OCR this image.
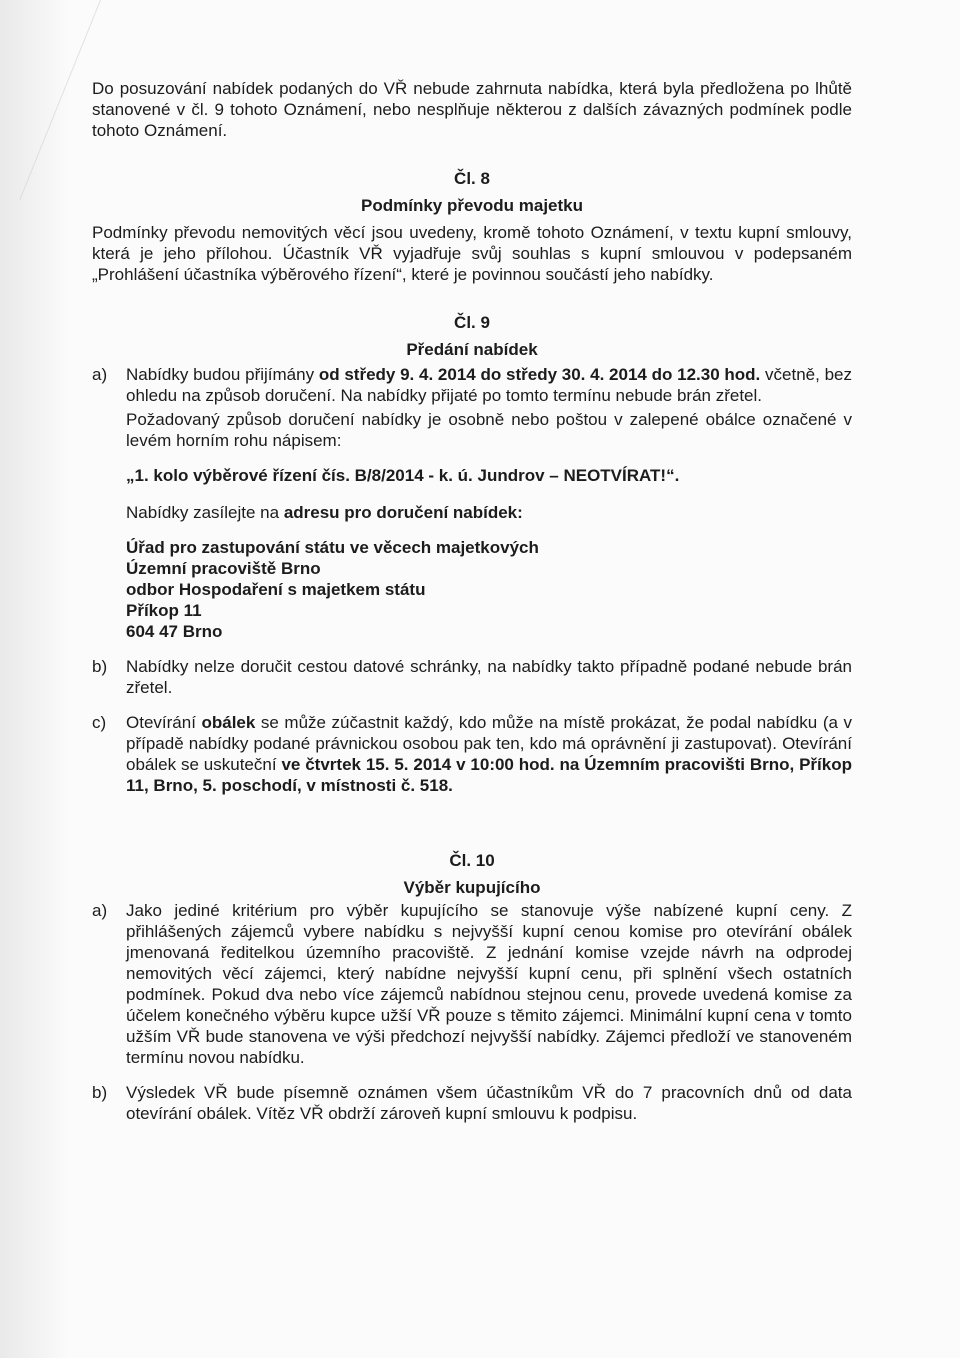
Do posuzování nabídek podaných do VŘ nebude zahrnuta nabídka, která byla předložena po lhůtě stanovené v čl. 9 tohoto Oznámení, nebo nesplňuje některou z dalších závazných podmínek podle tohoto Oznámení.

Čl. 8

Podmínky převodu majetku

Podmínky převodu nemovitých věcí jsou uvedeny, kromě tohoto Oznámení, v textu kupní smlouvy, která je jeho přílohou. Účastník VŘ vyjadřuje svůj souhlas s kupní smlouvou v podepsaném „Prohlášení účastníka výběrového řízení“, které je povinnou součástí jeho nabídky.

Čl. 9

Předání nabídek

a)	Nabídky budou přijímány od středy 9. 4. 2014 do středy 30. 4. 2014 do 12.30 hod. včetně, bez ohledu na způsob doručení. Na nabídky přijaté po tomto termínu nebude brán zřetel.

Požadovaný způsob doručení nabídky je osobně nebo poštou v zalepené obálce označené v levém horním rohu nápisem:

„1. kolo výběrové řízení čís. B/8/2014 - k. ú. Jundrov – NEOTVÍRAT!“.

Nabídky zasílejte na adresu pro doručení nabídek:

Úřad pro zastupování státu ve věcech majetkových

Územní pracoviště Brno

odbor Hospodaření s majetkem státu

Příkop 11

604 47 Brno

b)	Nabídky nelze doručit cestou datové schránky, na nabídky takto případně podané nebude brán zřetel.

c)	Otevírání obálek se může zúčastnit každý, kdo může na místě prokázat, že podal nabídku (a v případě nabídky podané právnickou osobou pak ten, kdo má oprávnění ji zastupovat). Otevírání obálek se uskuteční ve čtvrtek 15. 5. 2014 v 10:00 hod. na Územním pracovišti Brno, Příkop 11, Brno, 5. poschodí, v místnosti č. 518.

Čl. 10

Výběr kupujícího

a)	Jako jediné kritérium pro výběr kupujícího se stanovuje výše nabízené kupní ceny. Z přihlášených zájemců vybere nabídku s nejvyšší kupní cenou komise pro otevírání obálek jmenovaná ředitelkou územního pracoviště. Z jednání komise vzejde návrh na odprodej nemovitých věcí zájemci, který nabídne nejvyšší kupní cenu, při splnění všech ostatních podmínek. Pokud dva nebo více zájemců nabídnou stejnou cenu, provede uvedená komise za účelem konečného výběru kupce užší VŘ pouze s těmito zájemci. Minimální kupní cena v tomto užším VŘ bude stanovena ve výši předchozí nejvyšší nabídky. Zájemci předloží ve stanoveném termínu novou nabídku.

b)	Výsledek VŘ bude písemně oznámen všem účastníkům VŘ do 7 pracovních dnů od data otevírání obálek. Vítěz VŘ obdrží zároveň kupní smlouvu k podpisu.
